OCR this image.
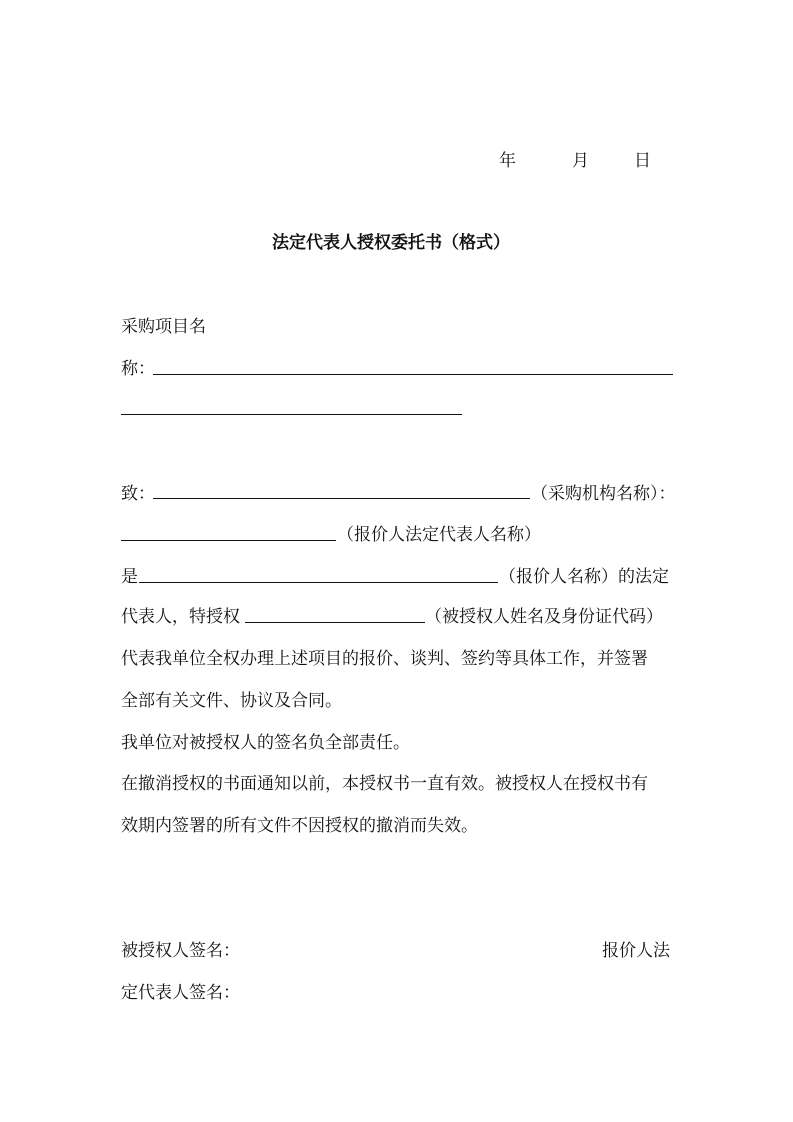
年	月	日
法定代表人授权委托书（格式）
采购项目名
称：
致：	（采购机构名称）：
（报价人法定代表人名称）
是	（报价人名称）的法定
代表人，特授权	（被授权人姓名及身份证代码）
代表我单位全权办理上述项目的报价、谈判、签约等具体工作，并签署
全部有关文件、协议及合同。
我单位对被授权人的签名负全部责任。
在撤消授权的书面通知以前，本授权书一直有效。被授权人在授权书有
效期内签署的所有文件不因授权的撤消而失效。
被授权人签名：	报价人法
定代表人签名：
